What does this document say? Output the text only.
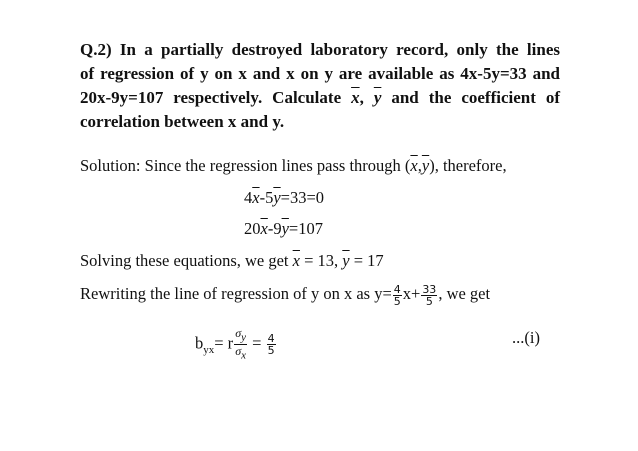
Q.2) In a partially destroyed laboratory record, only the lines
of regression of y on x and x on y are available as 4x-5y=33 and
20x-9y=107 respectively. Calculate $\overline{x}$, $\overline{y}$ and the coefficient of
correlation between x and y.
Solution: Since the regression lines pass through $(\overline{x},\overline{y})$, therefore,
$4\overline{x}-5\overline{y}=33=0$
$20\overline{x}-9\overline{y}=107$
Solving these equations, we get $\overline{x} = 13$, $\overline{y} = 17$
Rewriting the line of regression of y on x as $y= \frac{4}{5} x+ \frac{33}{5}$ , we get
$b_{yx}= r \frac{\sigma_y}{\sigma_x} = \frac{4}{5}$	...(i)
